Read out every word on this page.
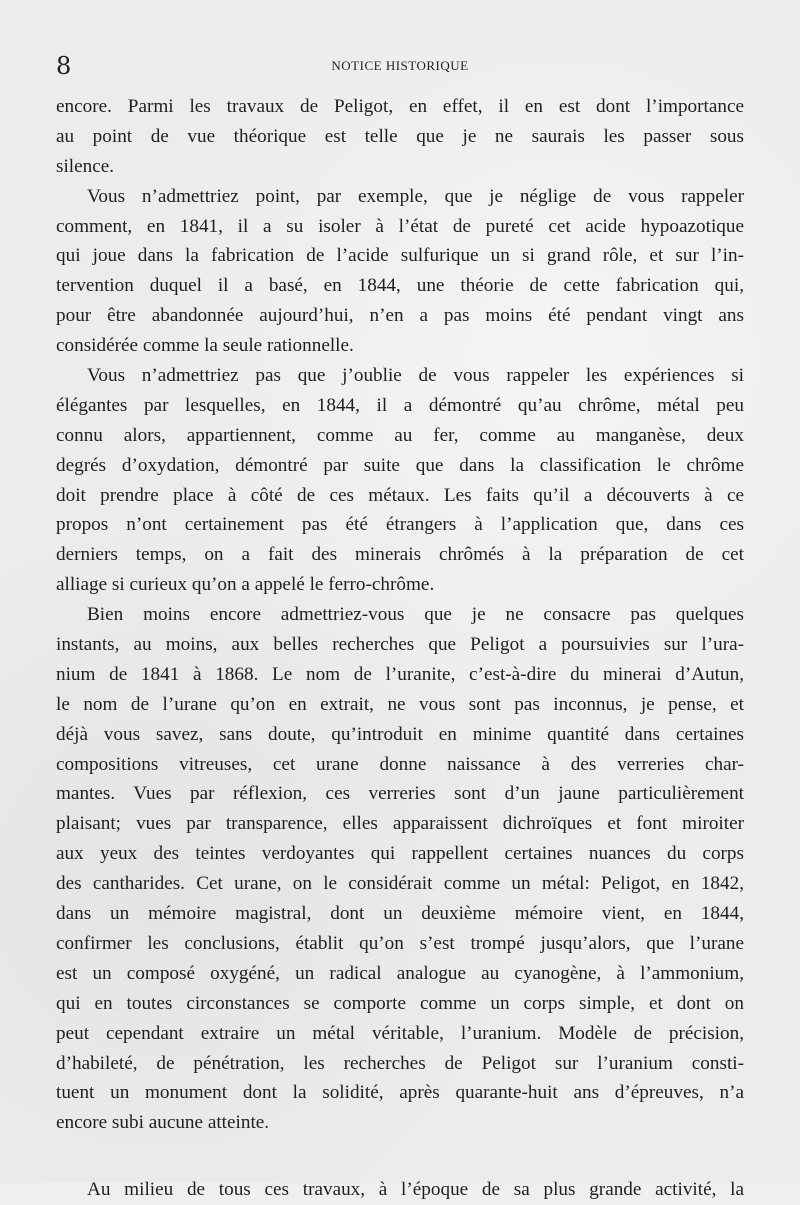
8	NOTICE HISTORIQUE
encore. Parmi les travaux de Peligot, en effet, il en est dont l’importance
au point de vue théorique est telle que je ne saurais les passer sous
silence.
Vous n’admettriez point, par exemple, que je néglige de vous rappeler
comment, en 1841, il a su isoler à l’état de pureté cet acide hypoazotique
qui joue dans la fabrication de l’acide sulfurique un si grand rôle, et sur l’in-
tervention duquel il a basé, en 1844, une théorie de cette fabrication qui,
pour être abandonnée aujourd’hui, n’en a pas moins été pendant vingt ans
considérée comme la seule rationnelle.
Vous n’admettriez pas que j’oublie de vous rappeler les expériences si
élégantes par lesquelles, en 1844, il a démontré qu’au chrôme, métal peu
connu alors, appartiennent, comme au fer, comme au manganèse, deux
degrés d’oxydation, démontré par suite que dans la classification le chrôme
doit prendre place à côté de ces métaux. Les faits qu’il a découverts à ce
propos n’ont certainement pas été étrangers à l’application que, dans ces
derniers temps, on a fait des minerais chrômés à la préparation de cet
alliage si curieux qu’on a appelé le ferro-chrôme.
Bien moins encore admettriez-vous que je ne consacre pas quelques
instants, au moins, aux belles recherches que Peligot a poursuivies sur l’ura-
nium de 1841 à 1868. Le nom de l’uranite, c’est-à-dire du minerai d’Autun,
le nom de l’urane qu’on en extrait, ne vous sont pas inconnus, je pense, et
déjà vous savez, sans doute, qu’introduit en minime quantité dans certaines
compositions vitreuses, cet urane donne naissance à des verreries char-
mantes. Vues par réflexion, ces verreries sont d’un jaune particulièrement
plaisant; vues par transparence, elles apparaissent dichroïques et font miroiter
aux yeux des teintes verdoyantes qui rappellent certaines nuances du corps
des cantharides. Cet urane, on le considérait comme un métal: Peligot, en 1842,
dans un mémoire magistral, dont un deuxième mémoire vient, en 1844,
confirmer les conclusions, établit qu’on s’est trompé jusqu’alors, que l’urane
est un composé oxygéné, un radical analogue au cyanogène, à l’ammonium,
qui en toutes circonstances se comporte comme un corps simple, et dont on
peut cependant extraire un métal véritable, l’uranium. Modèle de précision,
d’habileté, de pénétration, les recherches de Peligot sur l’uranium consti-
tuent un monument dont la solidité, après quarante-huit ans d’épreuves, n’a
encore subi aucune atteinte.
Au milieu de tous ces travaux, à l’époque de sa plus grande activité, la
